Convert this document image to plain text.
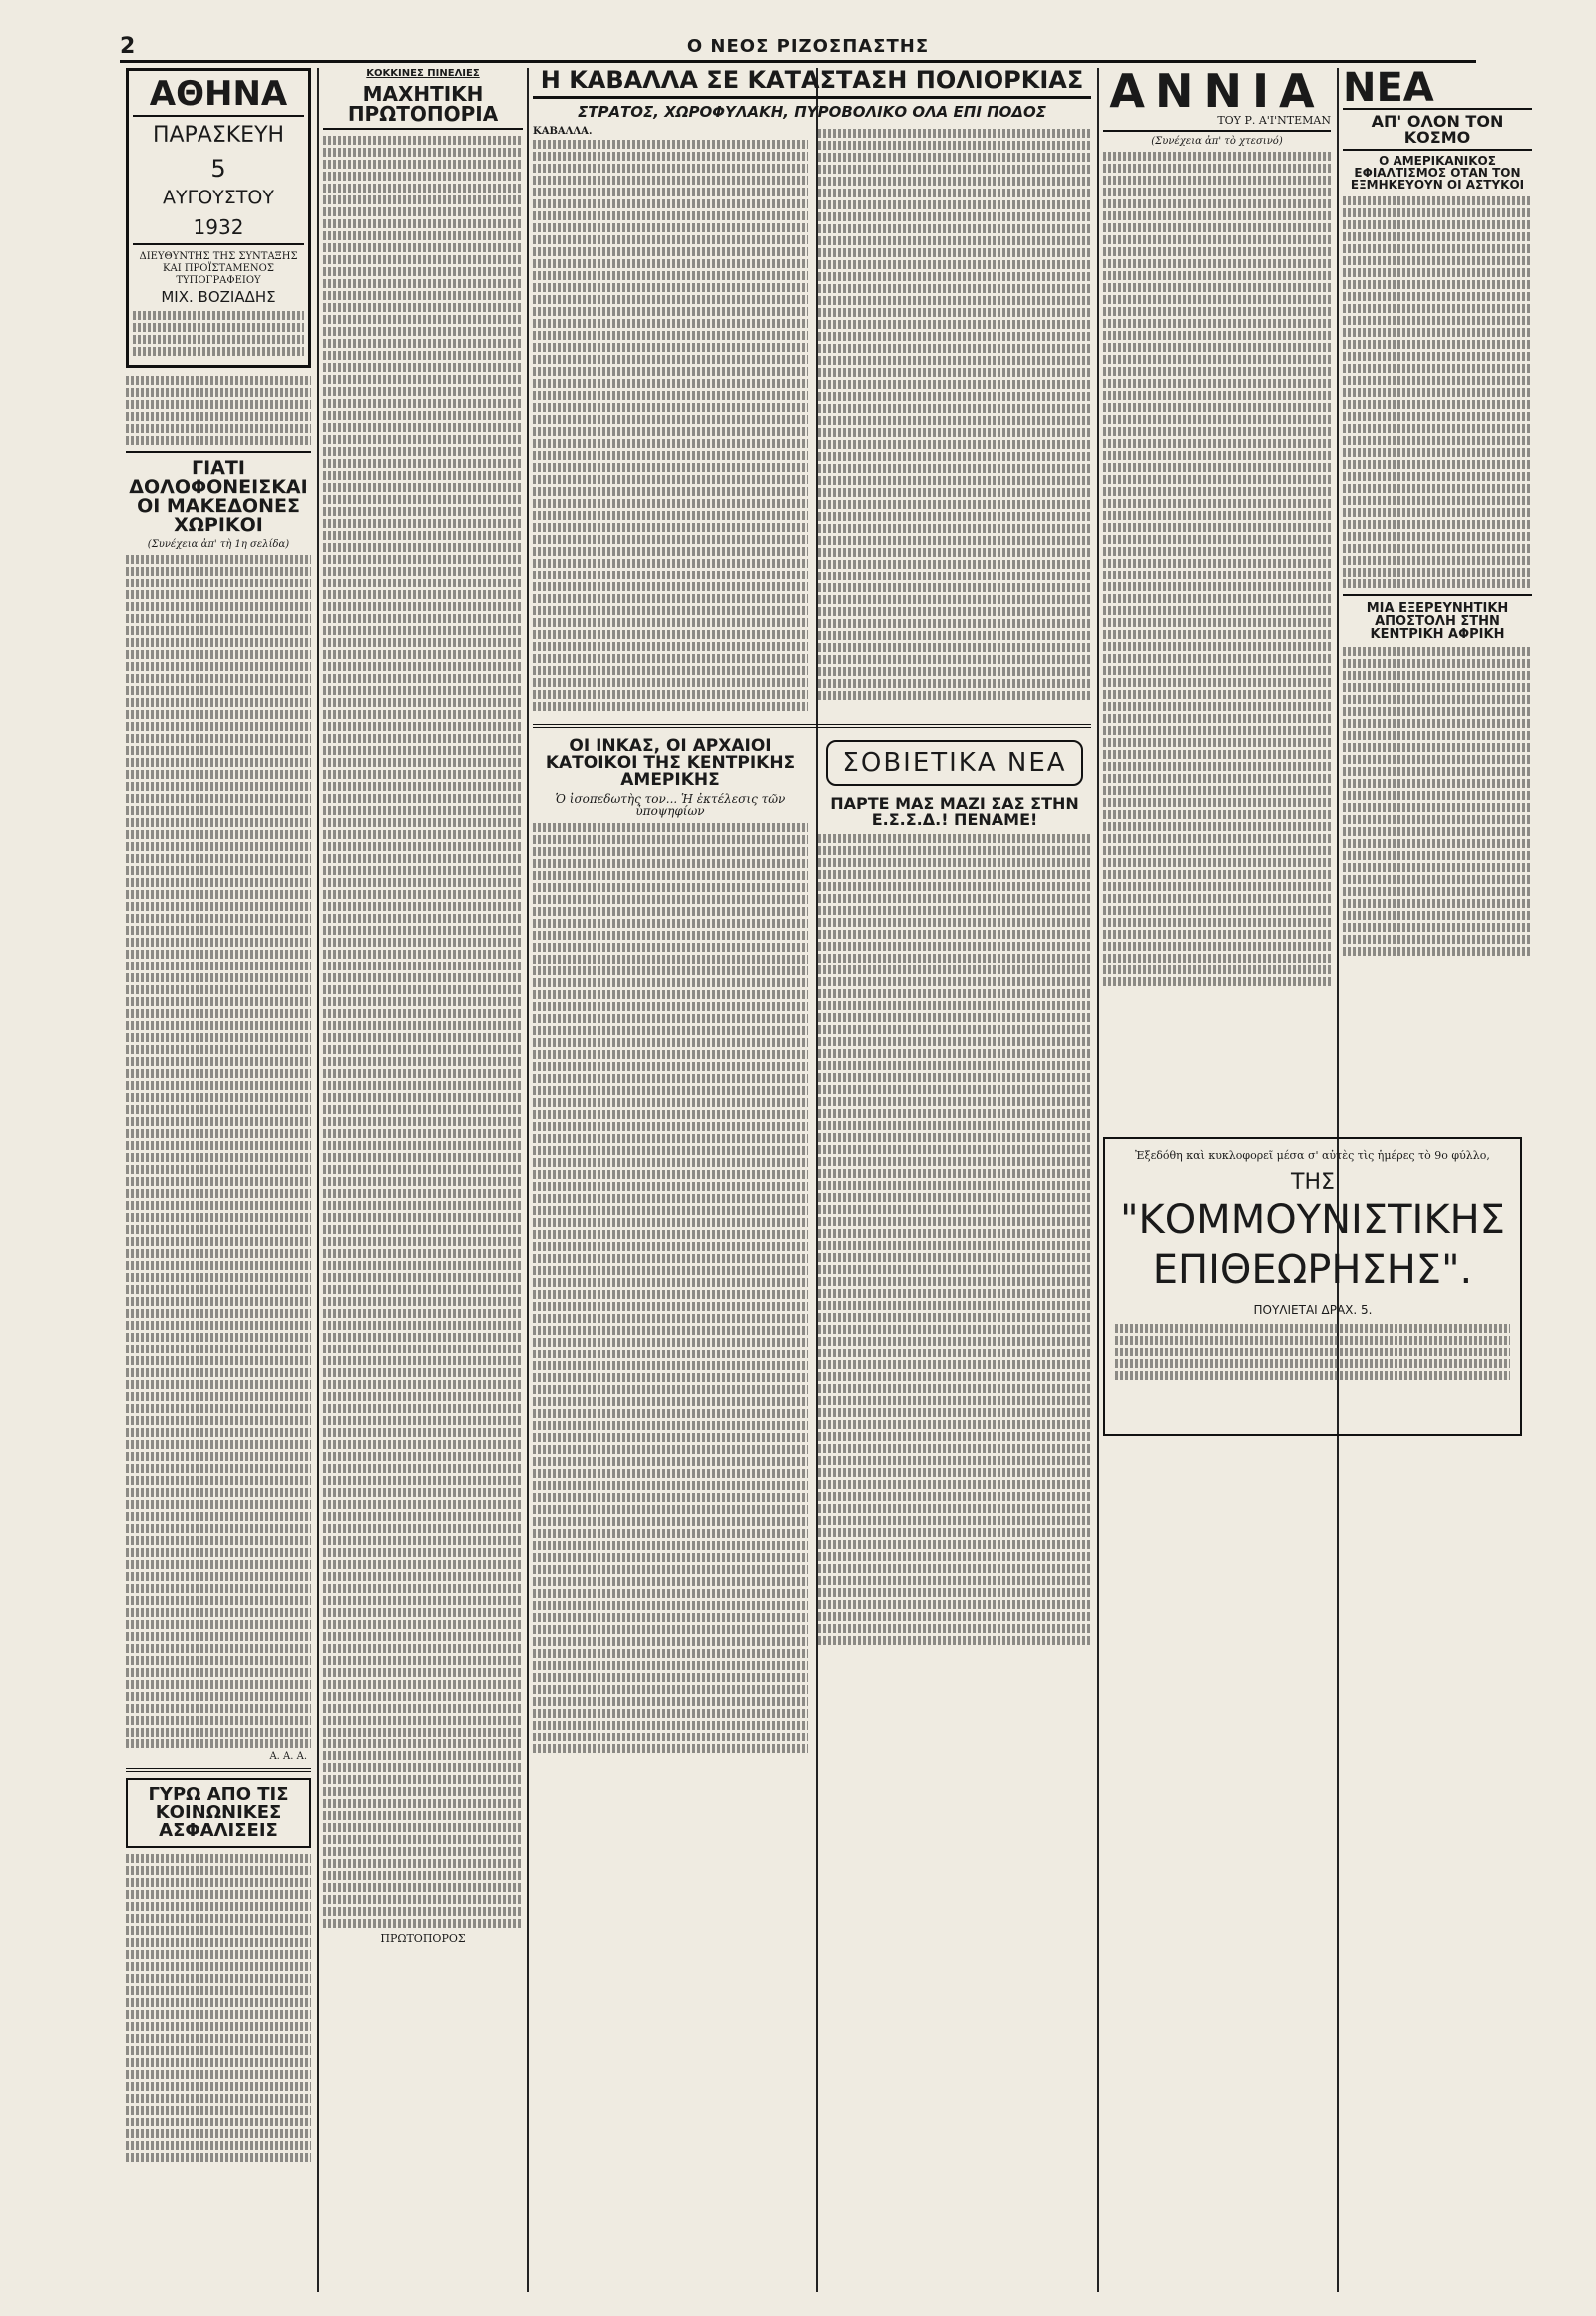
2	Ο ΝΕΟΣ ΡΙΖΟΣΠΑΣΤΗΣ
ΑΘΗΝΑ
ΠΑΡΑΣΚΕΥΗ
5
ΑΥΓΟΥΣΤΟΥ
1932
ΔΙΕΥΘΥΝΤΗΣ ΤΗΣ ΣΥΝΤΑΞΗΣ ΚΑΙ ΠΡΟΪΣΤΑΜΕΝΟΣ ΤΥΠΟΓΡΑΦΕΙΟΥ
ΜΙΧ. ΒΟΖΙΑΔΗΣ
ΓΙΑΤΙ ΔΟΛΟΦΟΝΕΙΣΚΑΙ ΟΙ ΜΑΚΕΔΟΝΕΣ ΧΩΡΙΚΟΙ
(Συνέχεια ἀπ' τὴ 1η σελίδα)
Α. Α. Α.
ΓΥΡΩ ΑΠΟ ΤΙΣ ΚΟΙΝΩΝΙΚΕΣ ΑΣΦΑΛΙΣΕΙΣ
ΚΟΚΚΙΝΕΣ ΠΙΝΕΛΙΕΣ
ΜΑΧΗΤΙΚΗ ΠΡΩΤΟΠΟΡΙΑ
ΠΡΩΤΟΠΟΡΟΣ
Η ΚΑΒΑΛΛΑ ΣΕ ΚΑΤΑΣΤΑΣΗ ΠΟΛΙΟΡΚΙΑΣ
ΣΤΡΑΤΟΣ, ΧΩΡΟΦΥΛΑΚΗ, ΠΥΡΟΒΟΛΙΚΟ ΟΛΑ ΕΠΙ ΠΟΔΟΣ
ΚΑΒΑΛΛΑ.
ΟΙ ΙΝΚΑΣ, ΟΙ ΑΡΧΑΙΟΙ ΚΑΤΟΙΚΟΙ ΤΗΣ ΚΕΝΤΡΙΚΗΣ ΑΜΕΡΙΚΗΣ
Ὁ ἰσοπεδωτὴς τον... Ἡ ἐκτέλεσις τῶν ὑποψηφίων
ΣΟΒΙΕΤΙΚΑ ΝΕΑ
ΠΑΡΤΕ ΜΑΣ ΜΑΖΙ ΣΑΣ ΣΤΗΝ Ε.Σ.Σ.Δ.! ΠΕΝΑΜΕ!
ΑΝΝΙΑ
ΤΟΥ Ρ. Α'Ι'ΝΤΕΜΑΝ
(Συνέχεια ἀπ' τὸ χτεσινό)
ΝΕΑ
ΑΠ' ΟΛΟΝ ΤΟΝ ΚΟΣΜΟ
Ο ΑΜΕΡΙΚΑΝΙΚΟΣ ΕΦΙΑΛΤΙΣΜΟΣ ΟΤΑΝ ΤΟΝ ΕΞΜΗΚΕΥΟΥΝ ΟΙ ΑΣΤΥΚΟΙ
ΜΙΑ ΕΞΕΡΕΥΝΗΤΙΚΗ ΑΠΟΣΤΟΛΗ ΣΤΗΝ ΚΕΝΤΡΙΚΗ ΑΦΡΙΚΗ
Ἐξεδόθη καὶ κυκλοφορεῖ μέσα σ' αὐτὲς τὶς ἡμέρες τὸ 9ο φύλλο,
ΤΗΣ
"ΚΟΜΜΟΥΝΙΣΤΙΚΗΣ
ΕΠΙΘΕΩΡΗΣΗΣ".
ΠΟΥΛΙΕΤΑΙ ΔΡΑΧ. 5.
